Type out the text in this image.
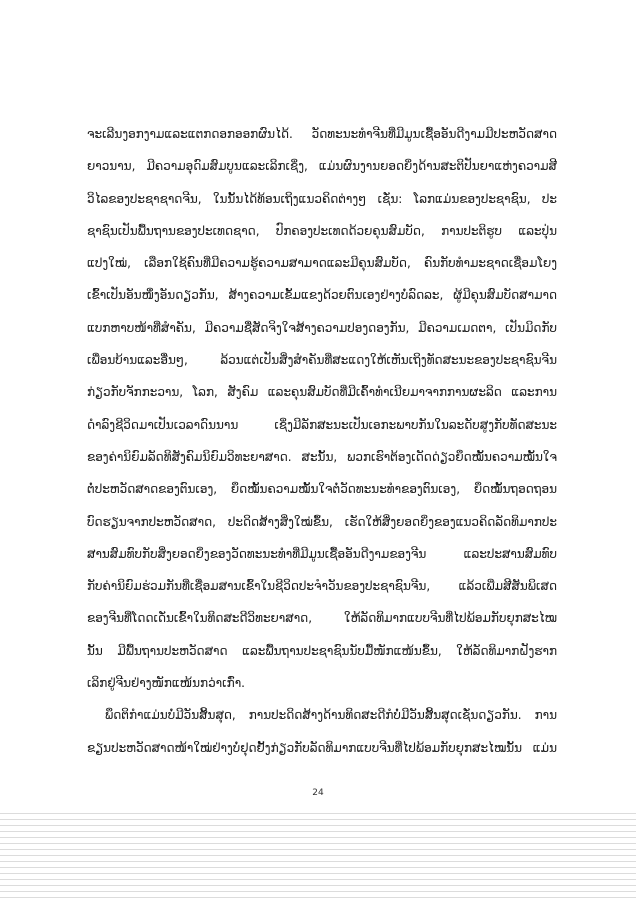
ຈະເລີນງອກງາມແລະແຕກດອກອອກຜົນໄດ້. ວັດທະນະທຳຈີນທີ່ມີມູນເຊື້ອອັນດີງາມມີປະຫວັດສາດ
ຍາວນານ, ມີຄວາມອຸດົມສົມບູນແລະເລິກເຊິ່ງ, ແມ່ນຜົນງານຍອດຍິ່ງດ້ານສະຕິປັນຍາແຫ່ງຄວາມສີ
ວິໄລຂອງປະຊາຊາດຈີນ, ໃນນັ້ນໄດ້ທ້ອນເຖິງແນວຄິດຕ່າງໆ ເຊັ່ນ: ໂລກແມ່ນຂອງປະຊາຊົນ, ປະ
ຊາຊົນເປັນພື້ນຖານຂອງປະເທດຊາດ, ປົກຄອງປະເທດດ້ວຍຄຸນສົມບັດ, ການປະຕິຮູບ ແລະປຸ່ນ
ແປງໃໝ່, ເລືອກໃຊ້ຄົນທີ່ມີຄວາມຮູ້ຄວາມສາມາດແລະມີຄຸນສົມບັດ, ຄົນກັບທຳມະຊາດເຊື່ອມໂຍງ
ເຂົ້າເປັນອັນໜຶ່ງອັນດຽວກັນ, ສ້າງຄວາມເຂັ້ມແຂງດ້ວຍຕົນເອງຢ່າງບໍ່ລົດລະ, ຜູ້ມີຄຸນສົມບັດສາມາດ
ແບກຫາບໜ້າທີ່ສຳຄັນ, ມີຄວາມຊື່ສັດຈິງໃຈສ້າງຄວາມປອງດອງກັນ, ມີຄວາມເມດຕາ, ເປັນມິດກັບ
ເພື່ອນບ້ານແລະອື່ນໆ, ລ້ວນແຕ່ເປັນສິ່ງສຳຄັນທີ່ສະແດງໃຫ້ເຫັນເຖິງທັດສະນະຂອງປະຊາຊົນຈີນ
ກ່ຽວກັບຈັກກະວານ, ໂລກ, ສັງຄົມ ແລະຄຸນສົມບັດທີ່ມີເຄົ້າທຳເນີຍມາຈາກການຜະລິດ ແລະການ
ດຳລົງຊີວິດມາເປັນເວລາດົນນານ ເຊິ່ງມີລັກສະນະເປັນເອກະພາບກັນໃນລະດັບສູງກັບທັດສະນະ
ຂອງຄ່ານິຍົມລັດທິສັງຄົມນິຍົມວິທະຍາສາດ. ສະນັ້ນ, ພວກເຮົາຕ້ອງເດັດດ່ຽວຍຶດໝັ້ນຄວາມໝັ້ນໃຈ
ຕໍ່ປະຫວັດສາດຂອງຕົນເອງ, ຍຶດໝັ້ນຄວາມໝັ້ນໃຈຕໍ່ວັດທະນະທຳຂອງຕົນເອງ, ຍຶດໝັ້ນຖອດຖອນ
ບົດຮຽນຈາກປະຫວັດສາດ, ປະດິດສ້າງສິ່ງໃໝ່ຂຶ້ນ, ເຮັດໃຫ້ສິ່ງຍອດຍິ່ງຂອງແນວຄິດລັດທິມາກປະ
ສານສົມທົບກັບສິ່ງຍອດຍິ່ງຂອງວັດທະນະທຳທີ່ມີມູນເຊື້ອອັນດີງາມຂອງຈີນ ແລະປະສານສົມທົບ
ກັບຄ່ານິຍົມຮ່ວມກັນທີ່ເຊື່ອມສານເຂົ້າໃນຊີວິດປະຈຳວັນຂອງປະຊາຊົນຈີນ, ແລ້ວເພີ່ມສີສັນພິເສດ
ຂອງຈີນທີ່ໂດດເດັ່ນເຂົ້າໃນທິດສະດີວິທະຍາສາດ, ໃຫ້ລັດທິມາກແບບຈີນທີ່ໄປພ້ອມກັບຍຸກສະໄໝ
ນັ້ນ ມີພື້ນຖານປະຫວັດສາດ ແລະພື້ນຖານປະຊາຊົນນັບມື້ໜັກແໜ້ນຂຶ້ນ, ໃຫ້ລັດທິມາກຝັງຮາກ
ເລິກຢູ່ຈີນຢ່າງໜັກແໜ້ນກວ່າເກົ່າ.
ພຶດຕິກຳແມ່ນບໍ່ມີວັນສິ້ນສຸດ, ການປະດິດສ້າງດ້ານທິດສະດີກໍບໍ່ມີວັນສິ້ນສຸດເຊັ່ນດຽວກັນ. ການ
ຂຽນປະຫວັດສາດໜ້າໃໝ່ຢ່າງບໍ່ຢຸດຢັ້ງກ່ຽວກັບລັດທິມາກແບບຈີນທີ່ໄປພ້ອມກັບຍຸກສະໄໝນັ້ນ ແມ່ນ
24
